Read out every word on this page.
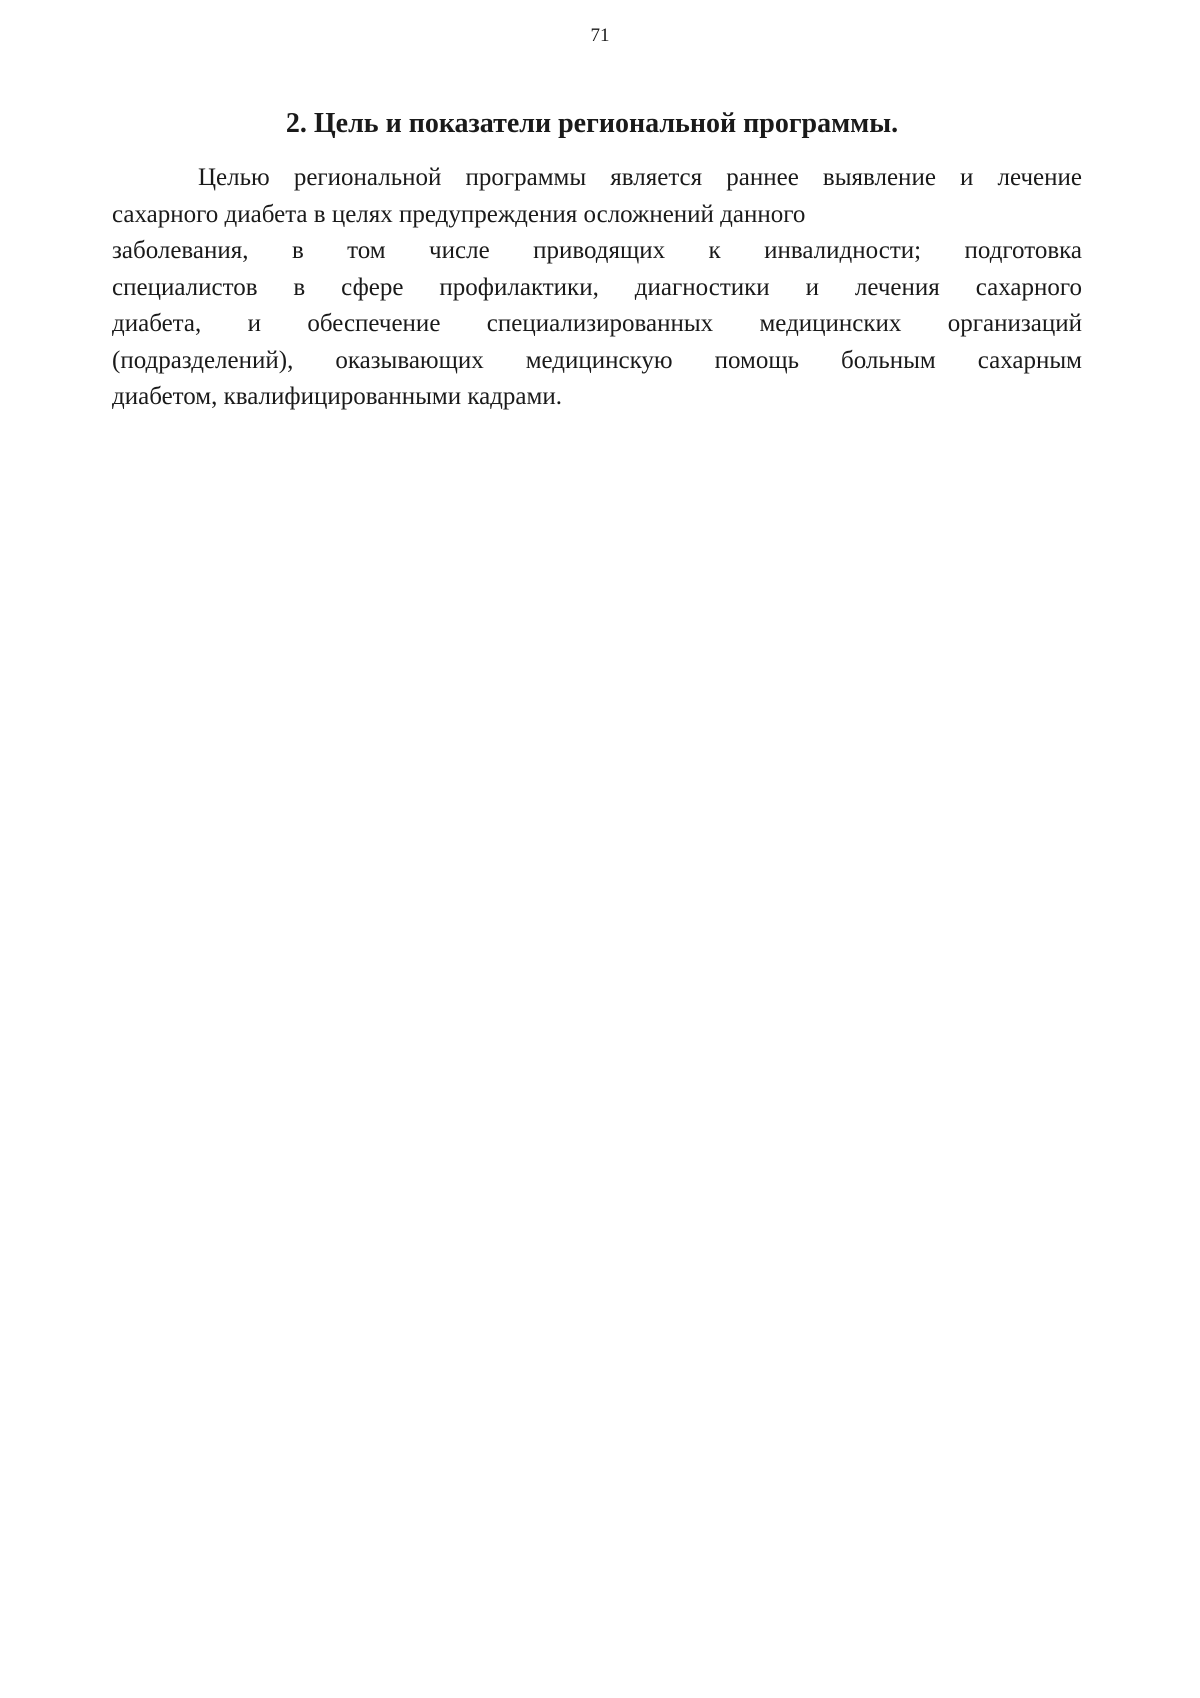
71
2. Цель и показатели региональной программы.
Целью региональной программы является раннее выявление и лечение
сахарного диабета в целях предупреждения осложнений данного
заболевания, в том числе приводящих к инвалидности; подготовка
специалистов в сфере профилактики, диагностики и лечения сахарного
диабета, и обеспечение специализированных медицинских организаций
(подразделений), оказывающих медицинскую помощь больным сахарным
диабетом, квалифицированными кадрами.
